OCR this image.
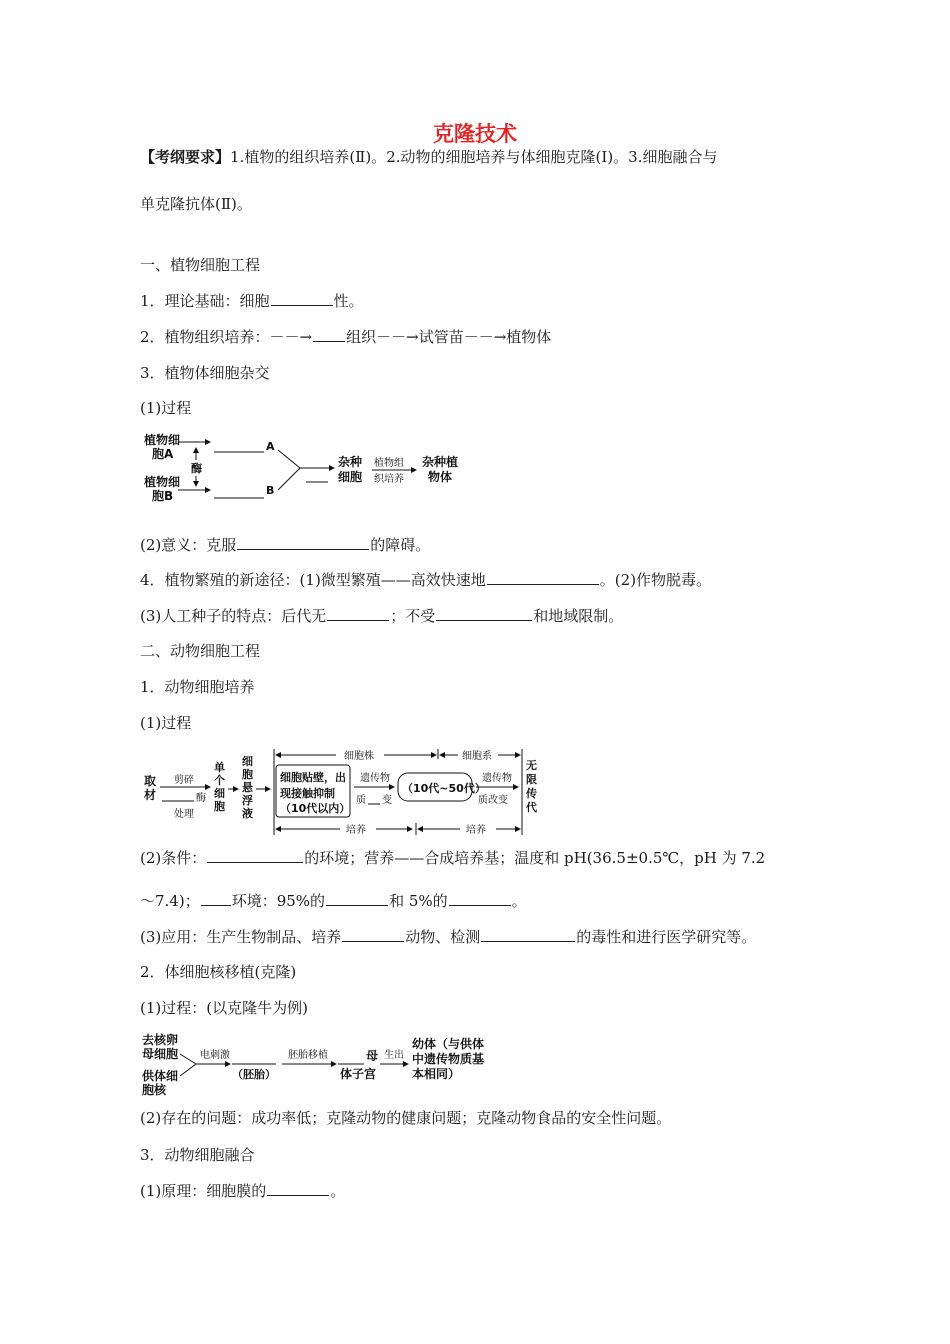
克隆技术
【考纲要求】1.植物的组织培养(Ⅱ)。2.动物的细胞培养与体细胞克隆(Ⅰ)。3.细胞融合与
单克隆抗体(Ⅱ)。
一、植物细胞工程
1．理论基础：细胞	性。
2．植物组织培养：－－→ 组织－－→试管苗－－→植物体
3．植物体细胞杂交
(1)过程
植物细
胞A
植物细
胞B
酶
A
B
杂种
细胞
植物组
织培养
杂种植
物体
(2)意义：克服	的障碍。
4．植物繁殖的新途径：(1)微型繁殖——高效快速地	。(2)作物脱毒。
(3)人工种子的特点：后代无	；不受	和地域限制。
二、动物细胞工程
1．动物细胞培养
(1)过程
取
材
剪碎
酶
处理
单
个
细
胞
细
胞
悬
浮
液
细胞株	细胞系
细胞贴壁，出
现接触抑制
（10代以内）
遗传物
质 变
（10代~50代）
遗传物
质改变
无
限
传
代
培养	培养
(2)条件：	的环境；营养——合成培养基；温度和 pH(36.5±0.5℃，pH 为 7.2
～7.4)； 环境：95%的	和 5%的	。
(3)应用：生产生物制品、培养	动物、检测	的毒性和进行医学研究等。
2．体细胞核移植(克隆)
(1)过程：(以克隆牛为例)
去核卵
母细胞
供体细
胞核
电刺激
（胚胎）
胚胎移植	母
体子宫
生出
幼体（与供体
中遗传物质基
本相同）
(2)存在的问题：成功率低；克隆动物的健康问题；克隆动物食品的安全性问题。
3．动物细胞融合
(1)原理：细胞膜的	。
